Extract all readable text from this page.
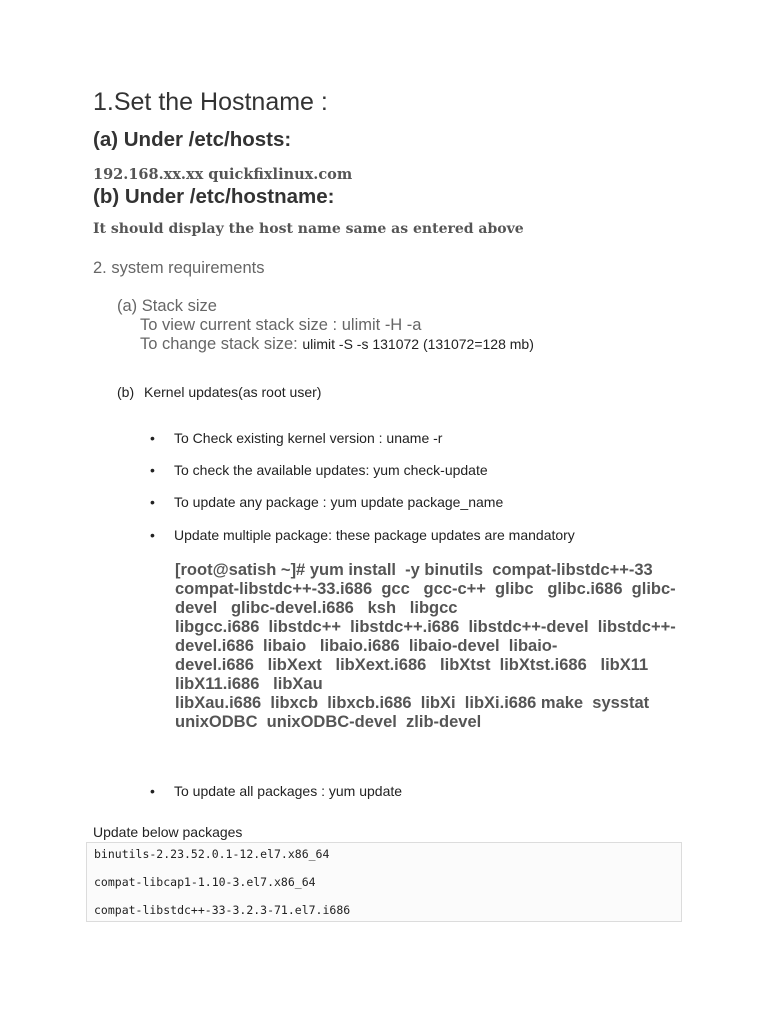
1.Set the Hostname :
(a) Under /etc/hosts:
192.168.xx.xx quickfixlinux.com
(b) Under /etc/hostname:
It should display the host name same as entered above
2. system requirements
(a) Stack size
To view current stack size : ulimit -H -a
To change stack size: ulimit -S -s 131072 (131072=128 mb)
(b) Kernel updates(as root user)
• To Check existing kernel version : uname -r
• To check the available updates: yum check-update
• To update any package : yum update package_name
• Update multiple package: these package updates are mandatory
[root@satish ~]# yum install  -y binutils  compat-libstdc++-33  compat-libstdc++-33.i686  gcc   gcc-c++  glibc   glibc.i686  glibc-devel   glibc-devel.i686   ksh   libgcc
libgcc.i686  libstdc++  libstdc++.i686  libstdc++-devel  libstdc++-devel.i686  libaio   libaio.i686  libaio-devel  libaio-
devel.i686   libXext   libXext.i686   libXtst  libXtst.i686   libX11 libX11.i686   libXau
libXau.i686  libxcb  libxcb.i686  libXi  libXi.i686 make  sysstat  unixODBC  unixODBC-devel  zlib-devel
• To update all packages : yum update
Update below packages
binutils-2.23.52.0.1-12.el7.x86_64
compat-libcap1-1.10-3.el7.x86_64
compat-libstdc++-33-3.2.3-71.el7.i686
